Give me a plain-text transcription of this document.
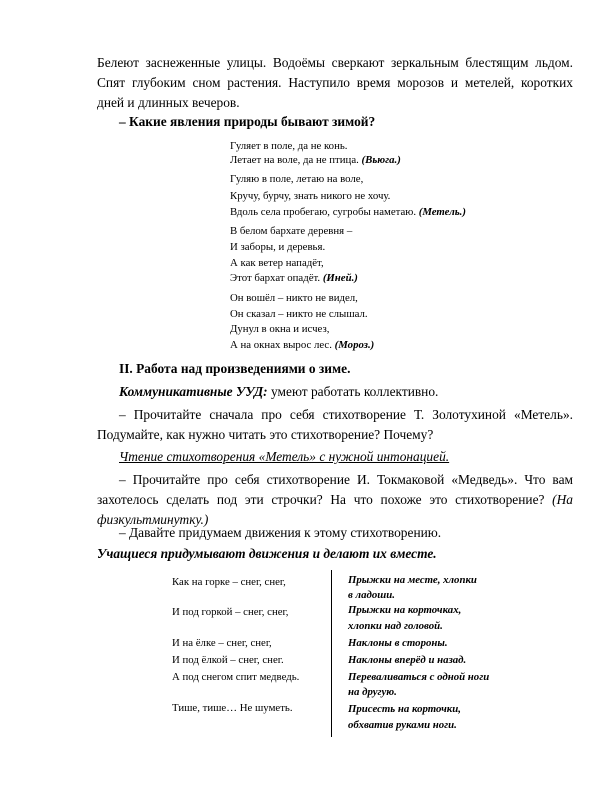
Белеют заснеженные улицы. Водоёмы сверкают зеркальным блестящим льдом.
Спят глубоким сном растения. Наступило время морозов и метелей, коротких
дней и длинных вечеров.
– Какие явления природы бывают зимой?
Гуляет в поле, да не конь.
Летает на воле, да не птица. (Вьюга.)
Гуляю в поле, летаю на воле,
Кручу, бурчу, знать никого не хочу.
Вдоль села пробегаю, сугробы наметаю. (Метель.)
В белом бархате деревня –
И заборы, и деревья.
А как ветер нападёт,
Этот бархат опадёт. (Иней.)
Он вошёл – никто не видел,
Он сказал – никто не слышал.
Дунул в окна и исчез,
А на окнах вырос лес. (Мороз.)
II. Работа над произведениями о зиме.
Коммуникативные УУД: умеют работать коллективно.
– Прочитайте сначала про себя стихотворение Т. Золотухиной «Метель».
Подумайте, как нужно читать это стихотворение? Почему?
Чтение стихотворения «Метель» с нужной интонацией.
– Прочитайте про себя стихотворение И. Токмаковой «Медведь». Что вам
захотелось сделать под эти строчки? На что похоже это стихотворение? (На
физкультминутку.)
– Давайте придумаем движения к этому стихотворению.
Учащиеся придумывают движения и делают их вместе.
Как на горке – снег, снег,
И под горкой – снег, снег,
И на ёлке – снег, снег,
И под ёлкой – снег, снег.
А под снегом спит медведь.
Тише, тише… Не шуметь.
Прыжки на месте, хлопки
в ладоши.
Прыжки на корточках,
хлопки над головой.
Наклоны в стороны.
Наклоны вперёд и назад.
Переваливаться с одной ноги
на другую.
Присесть на корточки,
обхватив руками ноги.
